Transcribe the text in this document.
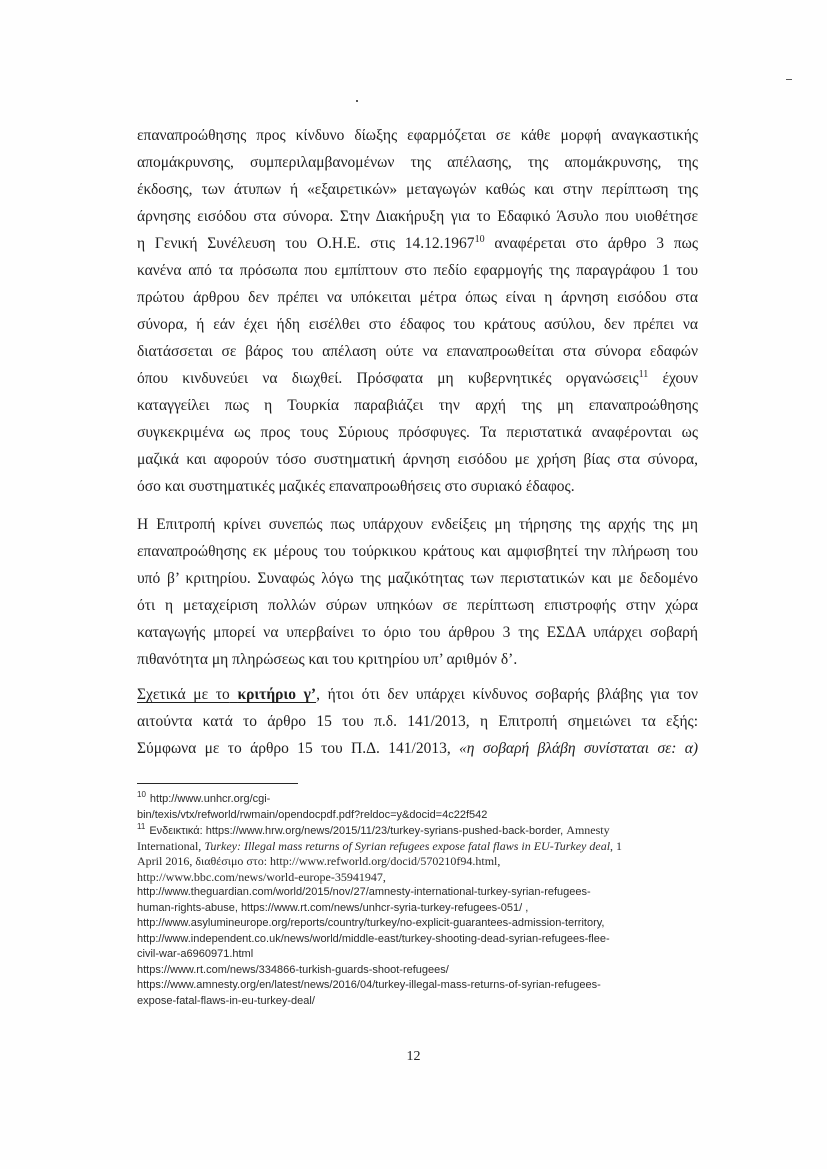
επαναπροώθησης προς κίνδυνο δίωξης εφαρμόζεται σε κάθε μορφή αναγκαστικής
απομάκρυνσης, συμπεριλαμβανομένων της απέλασης, της απομάκρυνσης, της
έκδοσης, των άτυπων ή «εξαιρετικών» μεταγωγών καθώς και στην περίπτωση της
άρνησης εισόδου στα σύνορα. Στην Διακήρυξη για το Εδαφικό Άσυλο που υιοθέτησε
η Γενική Συνέλευση του Ο.Η.Ε. στις 14.12.1967$^{10}$ αναφέρεται στο άρθρο 3 πως
κανένα από τα πρόσωπα που εμπίπτουν στο πεδίο εφαρμογής της παραγράφου 1 του
πρώτου άρθρου δεν πρέπει να υπόκειται μέτρα όπως είναι η άρνηση εισόδου στα
σύνορα, ή εάν έχει ήδη εισέλθει στο έδαφος του κράτους ασύλου, δεν πρέπει να
διατάσσεται σε βάρος του απέλαση ούτε να επαναπροωθείται στα σύνορα εδαφών
όπου κινδυνεύει να διωχθεί. Πρόσφατα μη κυβερνητικές οργανώσεις$^{11}$ έχουν
καταγγείλει πως η Τουρκία παραβιάζει την αρχή της μη επαναπροώθησης
συγκεκριμένα ως προς τους Σύριους πρόσφυγες. Τα περιστατικά αναφέρονται ως
μαζικά και αφορούν τόσο συστηματική άρνηση εισόδου με χρήση βίας στα σύνορα,
όσο και συστηματικές μαζικές επαναπροωθήσεις στο συριακό έδαφος.
Η Επιτροπή κρίνει συνεπώς πως υπάρχουν ενδείξεις μη τήρησης της αρχής της μη
επαναπροώθησης εκ μέρους του τούρκικου κράτους και αμφισβητεί την πλήρωση του
υπό β’ κριτηρίου. Συναφώς λόγω της μαζικότητας των περιστατικών και με δεδομένο
ότι η μεταχείριση πολλών σύρων υπηκόων σε περίπτωση επιστροφής στην χώρα
καταγωγής μπορεί να υπερβαίνει το όριο του άρθρου 3 της ΕΣΔΑ υπάρχει σοβαρή
πιθανότητα μη πληρώσεως και του κριτηρίου υπ’ αριθμόν δ’.
Σχετικά με το κριτήριο γ’, ήτοι ότι δεν υπάρχει κίνδυνος σοβαρής βλάβης για τον
αιτούντα κατά το άρθρο 15 του π.δ. 141/2013, η Επιτροπή σημειώνει τα εξής:
Σύμφωνα με το άρθρο 15 του Π.Δ. 141/2013, «η σοβαρή βλάβη συνίσταται σε: α)
$^{10}$ http://www.unhcr.org/cgi-
bin/texis/vtx/refworld/rwmain/opendocpdf.pdf?reldoc=y&docid=4c22f542
$^{11}$ Ενδεικτικά: https://www.hrw.org/news/2015/11/23/turkey-syrians-pushed-back-border, Amnesty
International, Turkey: Illegal mass returns of Syrian refugees expose fatal flaws in EU-Turkey deal, 1
April 2016, διαθέσιμο στο: http://www.refworld.org/docid/570210f94.html,
http://www.bbc.com/news/world-europe-35941947,
http://www.theguardian.com/world/2015/nov/27/amnesty-international-turkey-syrian-refugees-
human-rights-abuse, https://www.rt.com/news/unhcr-syria-turkey-refugees-051/ ,
http://www.asylumineurope.org/reports/country/turkey/no-explicit-guarantees-admission-territory,
http://www.independent.co.uk/news/world/middle-east/turkey-shooting-dead-syrian-refugees-flee-
civil-war-a6960971.html
https://www.rt.com/news/334866-turkish-guards-shoot-refugees/
https://www.amnesty.org/en/latest/news/2016/04/turkey-illegal-mass-returns-of-syrian-refugees-
expose-fatal-flaws-in-eu-turkey-deal/
12
